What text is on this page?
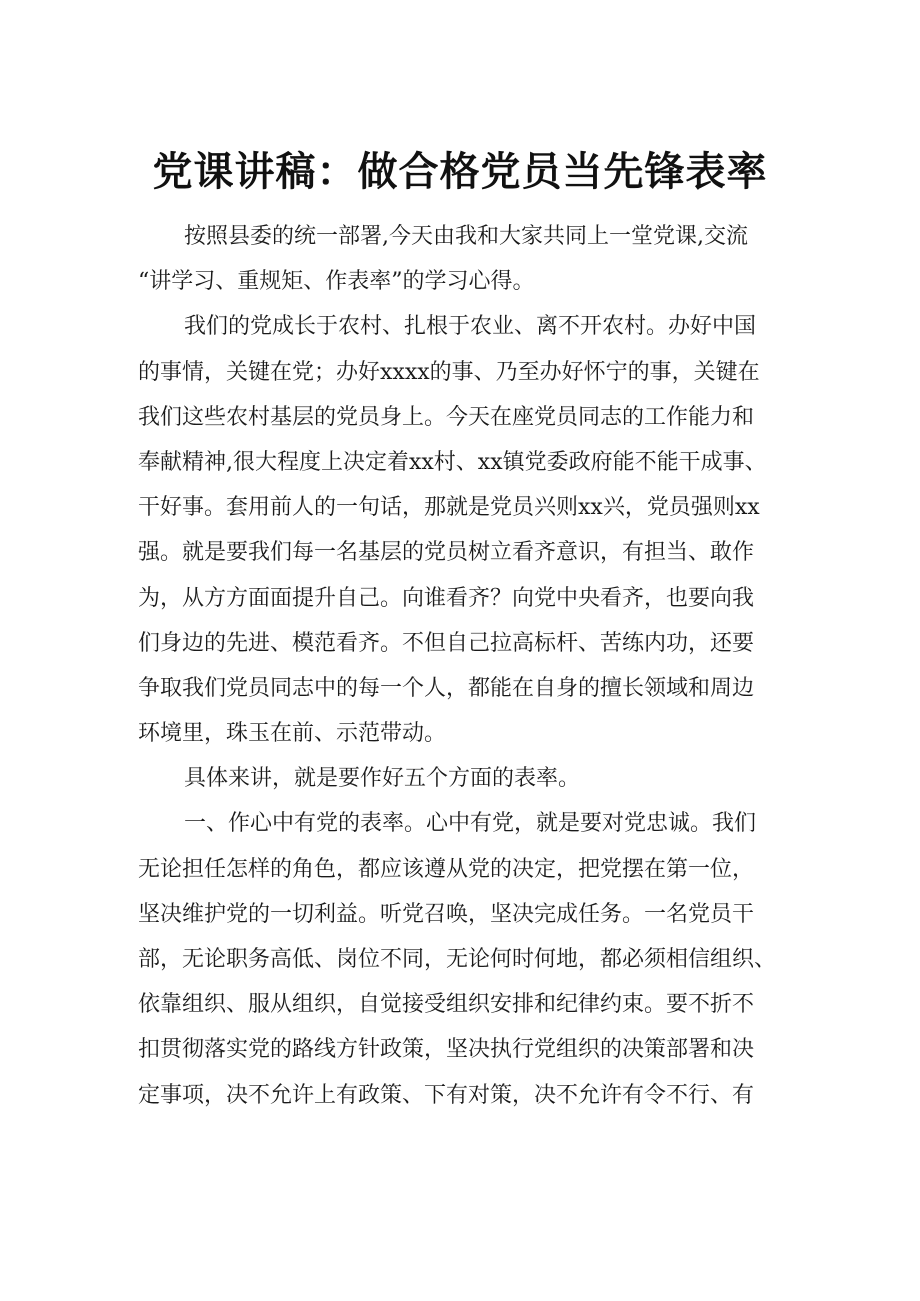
党课讲稿：做合格党员当先锋表率
按照县委的统一部署,今天由我和大家共同上一堂党课,交流
“讲学习、重规矩、作表率”的学习心得。
我们的党成长于农村、扎根于农业、离不开农村。办好中国
的事情，关键在党；办好xxxx的事、乃至办好怀宁的事，关键在
我们这些农村基层的党员身上。今天在座党员同志的工作能力和
奉献精神,很大程度上决定着xx村、xx镇党委政府能不能干成事、
干好事。套用前人的一句话，那就是党员兴则xx兴，党员强则xx
强。就是要我们每一名基层的党员树立看齐意识，有担当、敢作
为，从方方面面提升自己。向谁看齐？向党中央看齐，也要向我
们身边的先进、模范看齐。不但自己拉高标杆、苦练内功，还要
争取我们党员同志中的每一个人，都能在自身的擅长领域和周边
环境里，珠玉在前、示范带动。
具体来讲，就是要作好五个方面的表率。
一、作心中有党的表率。心中有党，就是要对党忠诚。我们
无论担任怎样的角色，都应该遵从党的决定，把党摆在第一位，
坚决维护党的一切利益。听党召唤，坚决完成任务。一名党员干
部，无论职务高低、岗位不同，无论何时何地，都必须相信组织、
依靠组织、服从组织，自觉接受组织安排和纪律约束。要不折不
扣贯彻落实党的路线方针政策，坚决执行党组织的决策部署和决
定事项，决不允许上有政策、下有对策，决不允许有令不行、有
